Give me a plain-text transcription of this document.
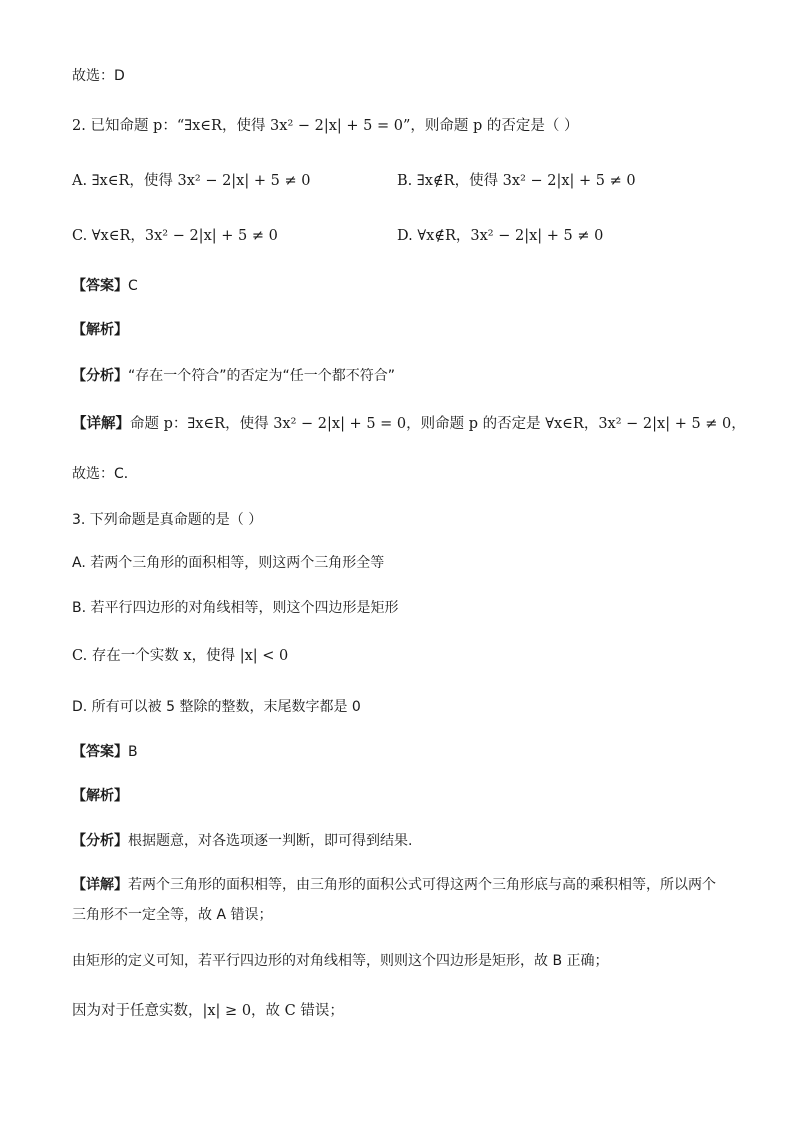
故选：D
2. 已知命题 p：“∃x∈R，使得 3x² − 2|x| + 5 = 0”，则命题 p 的否定是（ ）
A. ∃x∈R，使得 3x² − 2|x| + 5 ≠ 0	B. ∃x∉R，使得 3x² − 2|x| + 5 ≠ 0
C. ∀x∈R，3x² − 2|x| + 5 ≠ 0	D. ∀x∉R，3x² − 2|x| + 5 ≠ 0
【答案】C
【解析】
【分析】“存在一个符合”的否定为“任一个都不符合”
【详解】命题 p：∃x∈R，使得 3x² − 2|x| + 5 = 0，则命题 p 的否定是 ∀x∈R，3x² − 2|x| + 5 ≠ 0，
故选：C．
3. 下列命题是真命题的是（ ）
A. 若两个三角形的面积相等，则这两个三角形全等
B. 若平行四边形的对角线相等，则这个四边形是矩形
C. 存在一个实数 x，使得 |x| < 0
D. 所有可以被 5 整除的整数，末尾数字都是 0
【答案】B
【解析】
【分析】根据题意，对各选项逐一判断，即可得到结果.
【详解】若两个三角形的面积相等，由三角形的面积公式可得这两个三角形底与高的乘积相等，所以两个
三角形不一定全等，故 A 错误；
由矩形的定义可知，若平行四边形的对角线相等，则则这个四边形是矩形，故 B 正确；
因为对于任意实数，|x| ≥ 0，故 C 错误；
